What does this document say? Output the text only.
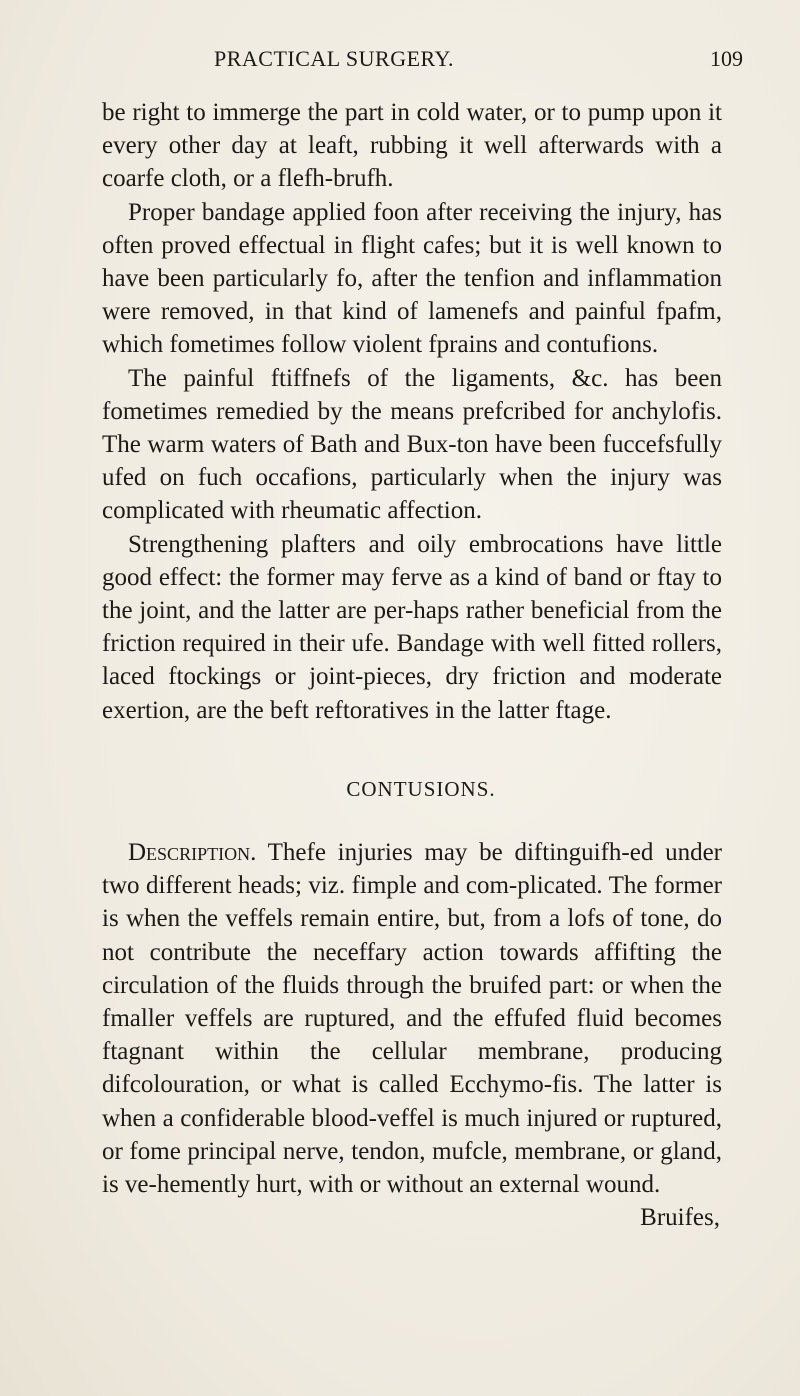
PRACTICAL SURGERY.	109

be right to immerge the part in cold water, or to pump upon it every other day at leaft, rubbing it well afterwards with a coarfe cloth, or a flefh-brufh.

Proper bandage applied foon after receiving the injury, has often proved effectual in flight cafes; but it is well known to have been particularly fo, after the tenfion and inflammation were removed, in that kind of lamenefs and painful fpafm, which fometimes follow violent fprains and contufions.

The painful ftiffnefs of the ligaments, &c. has been fometimes remedied by the means prefcribed for anchylofis. The warm waters of Bath and Bux-ton have been fuccefsfully ufed on fuch occafions, particularly when the injury was complicated with rheumatic affection.

Strengthening plafters and oily embrocations have little good effect: the former may ferve as a kind of band or ftay to the joint, and the latter are per-haps rather beneficial from the friction required in their ufe. Bandage with well fitted rollers, laced ftockings or joint-pieces, dry friction and moderate exertion, are the beft reftoratives in the latter ftage.

CONTUSIONS.

Description. Thefe injuries may be diftinguifh-ed under two different heads; viz. fimple and com-plicated. The former is when the veffels remain entire, but, from a lofs of tone, do not contribute the neceffary action towards affifting the circulation of the fluids through the bruifed part: or when the fmaller veffels are ruptured, and the effufed fluid becomes ftagnant within the cellular membrane, producing difcolouration, or what is called Ecchymo-fis. The latter is when a confiderable blood-veffel is much injured or ruptured, or fome principal nerve, tendon, mufcle, membrane, or gland, is ve-hemently hurt, with or without an external wound.

Bruifes,
